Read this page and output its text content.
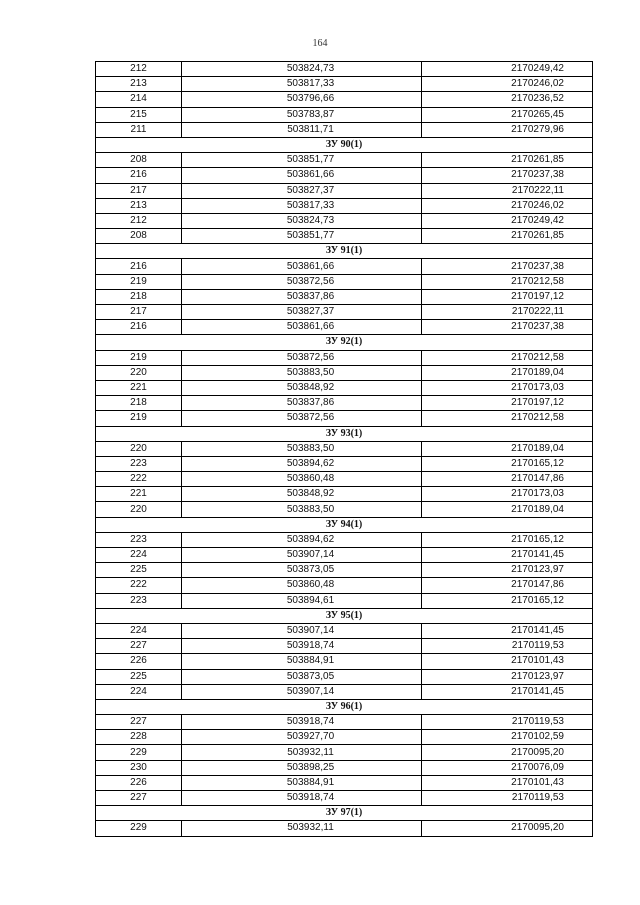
164
212	503824,73	2170249,42
213	503817,33	2170246,02
214	503796,66	2170236,52
215	503783,87	2170265,45
211	503811,71	2170279,96
ЗУ 90(1)		
208	503851,77	2170261,85
216	503861,66	2170237,38
217	503827,37	2170222,11
213	503817,33	2170246,02
212	503824,73	2170249,42
208	503851,77	2170261,85
ЗУ 91(1)		
216	503861,66	2170237,38
219	503872,56	2170212,58
218	503837,86	2170197,12
217	503827,37	2170222,11
216	503861,66	2170237,38
ЗУ 92(1)		
219	503872,56	2170212,58
220	503883,50	2170189,04
221	503848,92	2170173,03
218	503837,86	2170197,12
219	503872,56	2170212,58
ЗУ 93(1)		
220	503883,50	2170189,04
223	503894,62	2170165,12
222	503860,48	2170147,86
221	503848,92	2170173,03
220	503883,50	2170189,04
ЗУ 94(1)		
223	503894,62	2170165,12
224	503907,14	2170141,45
225	503873,05	2170123,97
222	503860,48	2170147,86
223	503894,61	2170165,12
ЗУ 95(1)		
224	503907,14	2170141,45
227	503918,74	2170119,53
226	503884,91	2170101,43
225	503873,05	2170123,97
224	503907,14	2170141,45
ЗУ 96(1)		
227	503918,74	2170119,53
228	503927,70	2170102,59
229	503932,11	2170095,20
230	503898,25	2170076,09
226	503884,91	2170101,43
227	503918,74	2170119,53
ЗУ 97(1)		
229	503932,11	2170095,20
